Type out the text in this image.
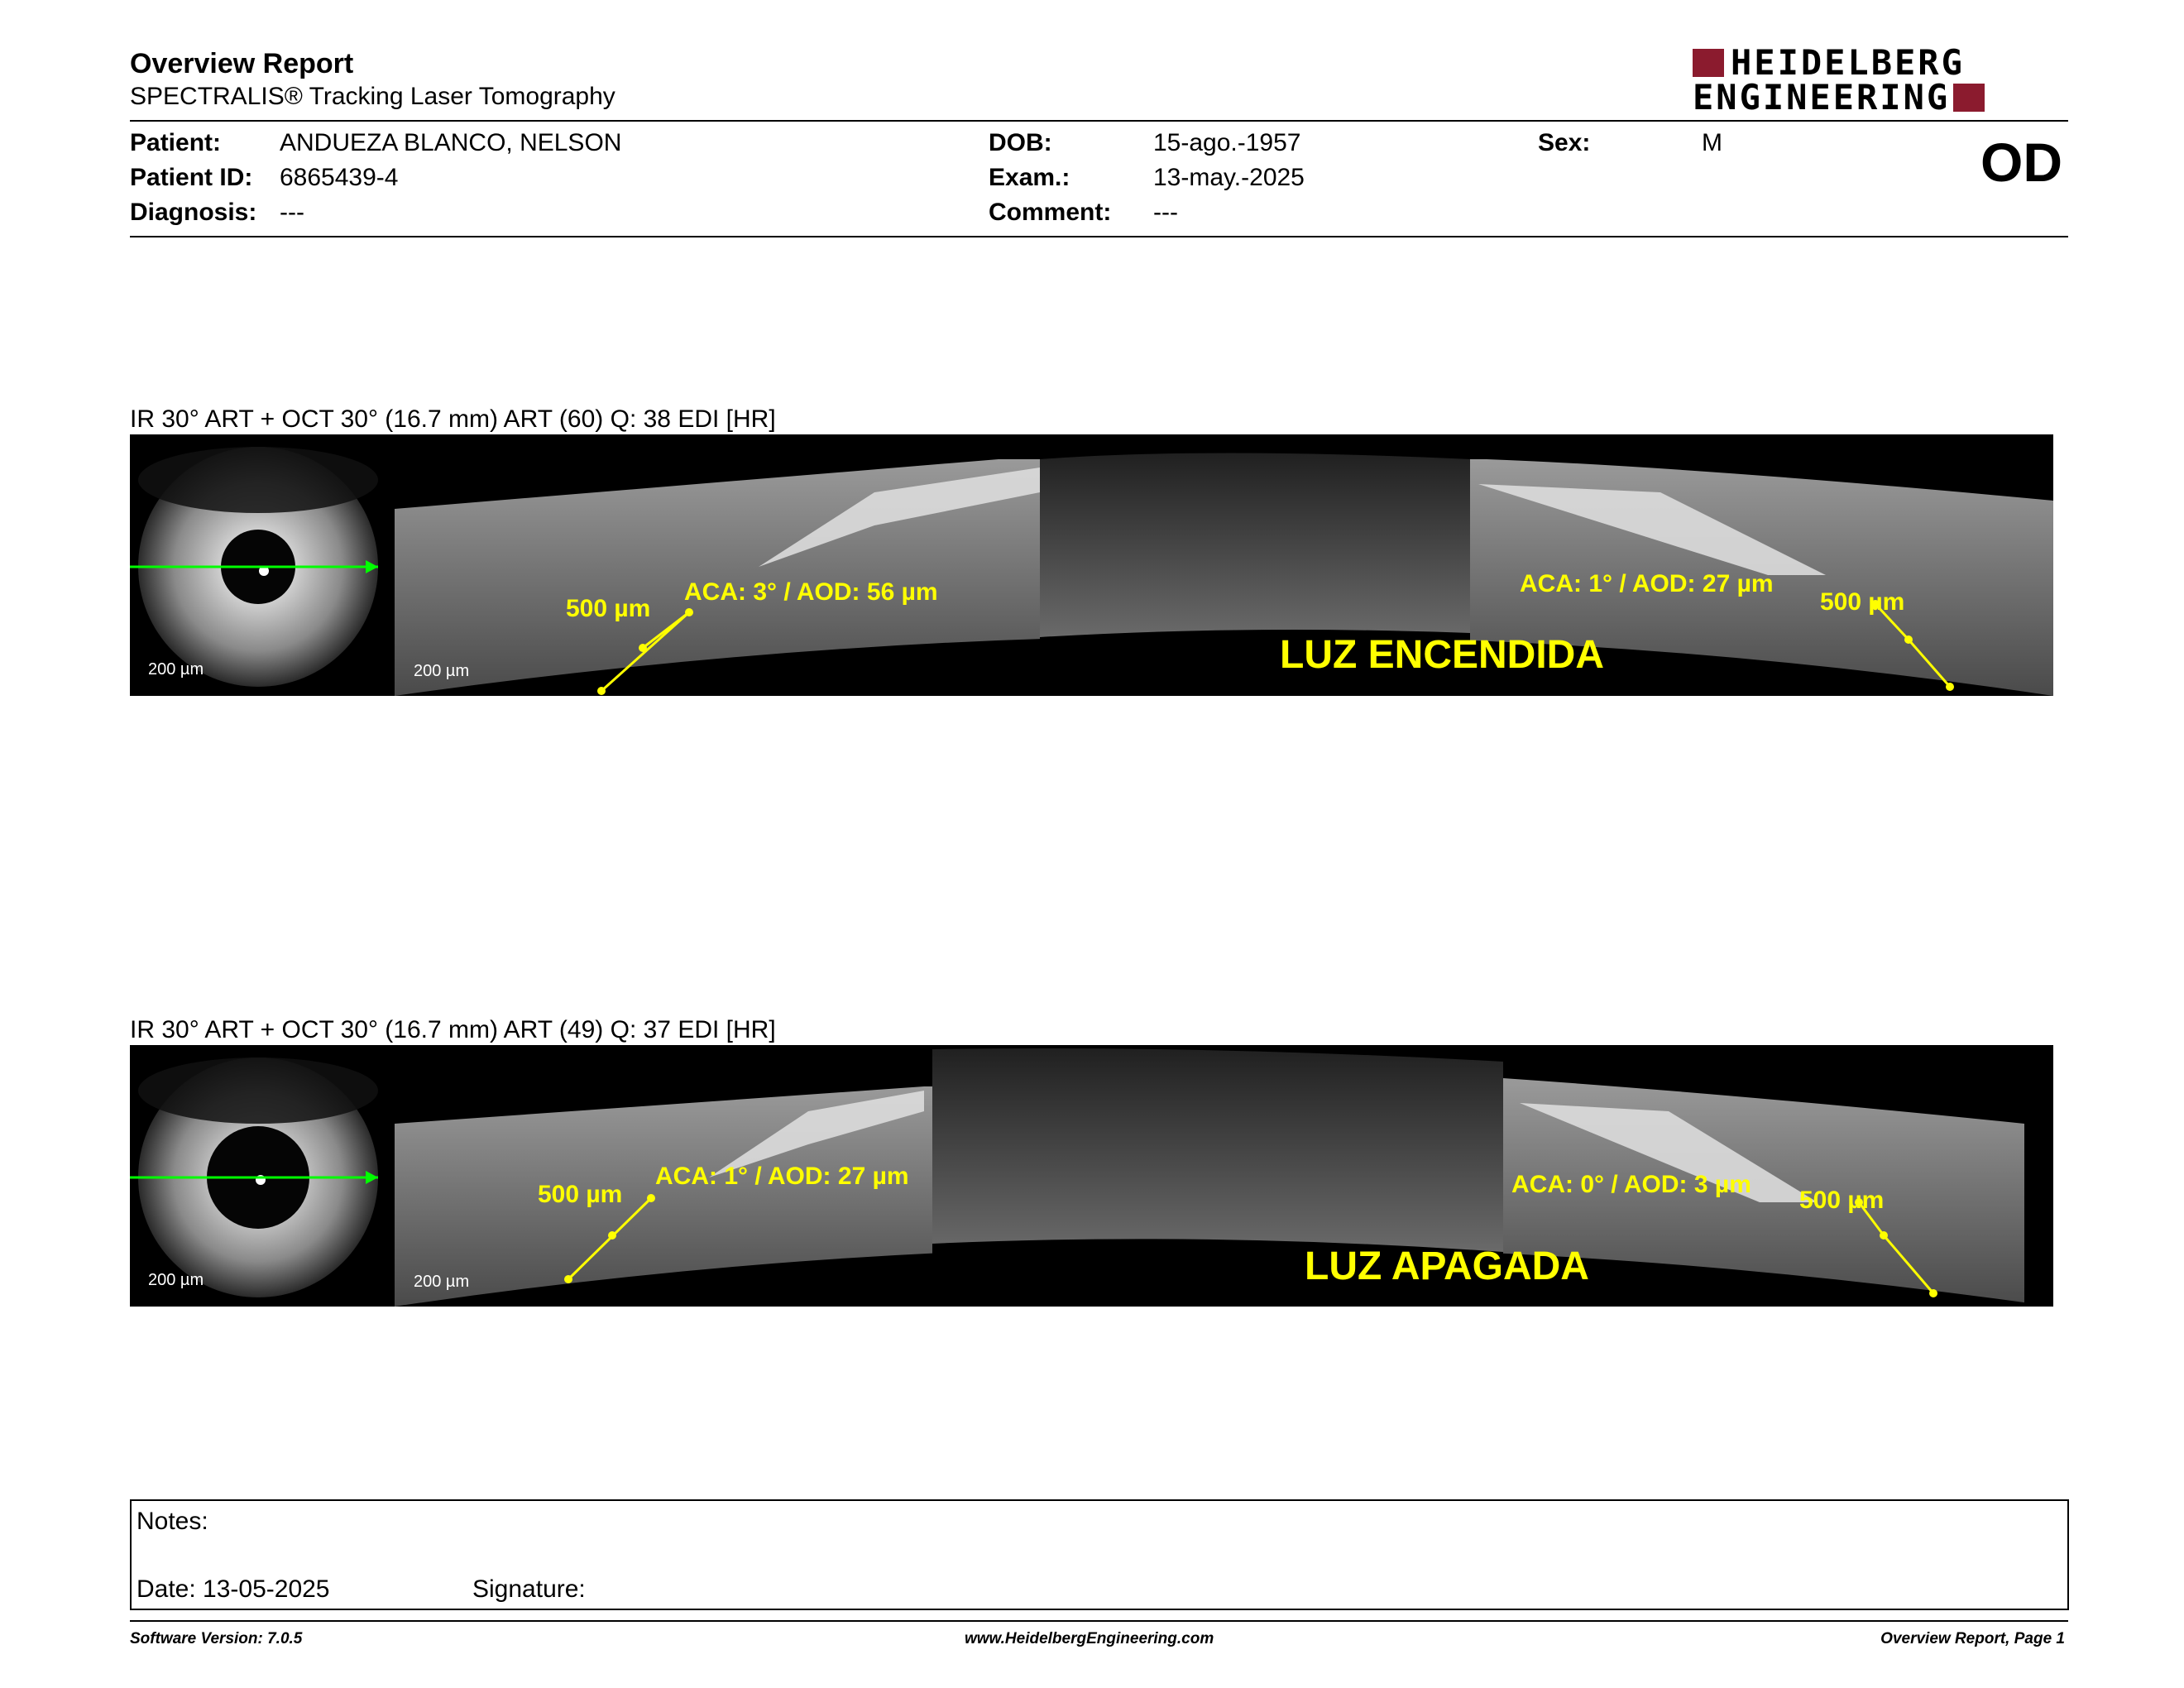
Overview Report
SPECTRALIS® Tracking Laser Tomography
HEIDELBERG
ENGINEERING
Patient: ANDUEZA BLANCO, NELSON
Patient ID: 6865439-4
Diagnosis: ---
DOB:	15-ago.-1957
Exam.:	13-may.-2025
Comment: ---
Sex:	M	OD
IR 30° ART + OCT 30° (16.7 mm) ART (60) Q: 38 EDI [HR]
200 µm	200 µm
500 µm
ACA: 3° / AOD: 56 µm	ACA: 1° / AOD: 27 µm
500 µm
LUZ ENCENDIDA
IR 30° ART + OCT 30° (16.7 mm) ART (49) Q: 37 EDI [HR]
200 µm	200 µm
500 µm
ACA: 1° / AOD: 27 µm	ACA: 0° / AOD: 3 µm
500 µm
LUZ APAGADA
Notes:
Date: 13-05-2025	Signature:
Software Version: 7.0.5	www.HeidelbergEngineering.com	Overview Report, Page 1
